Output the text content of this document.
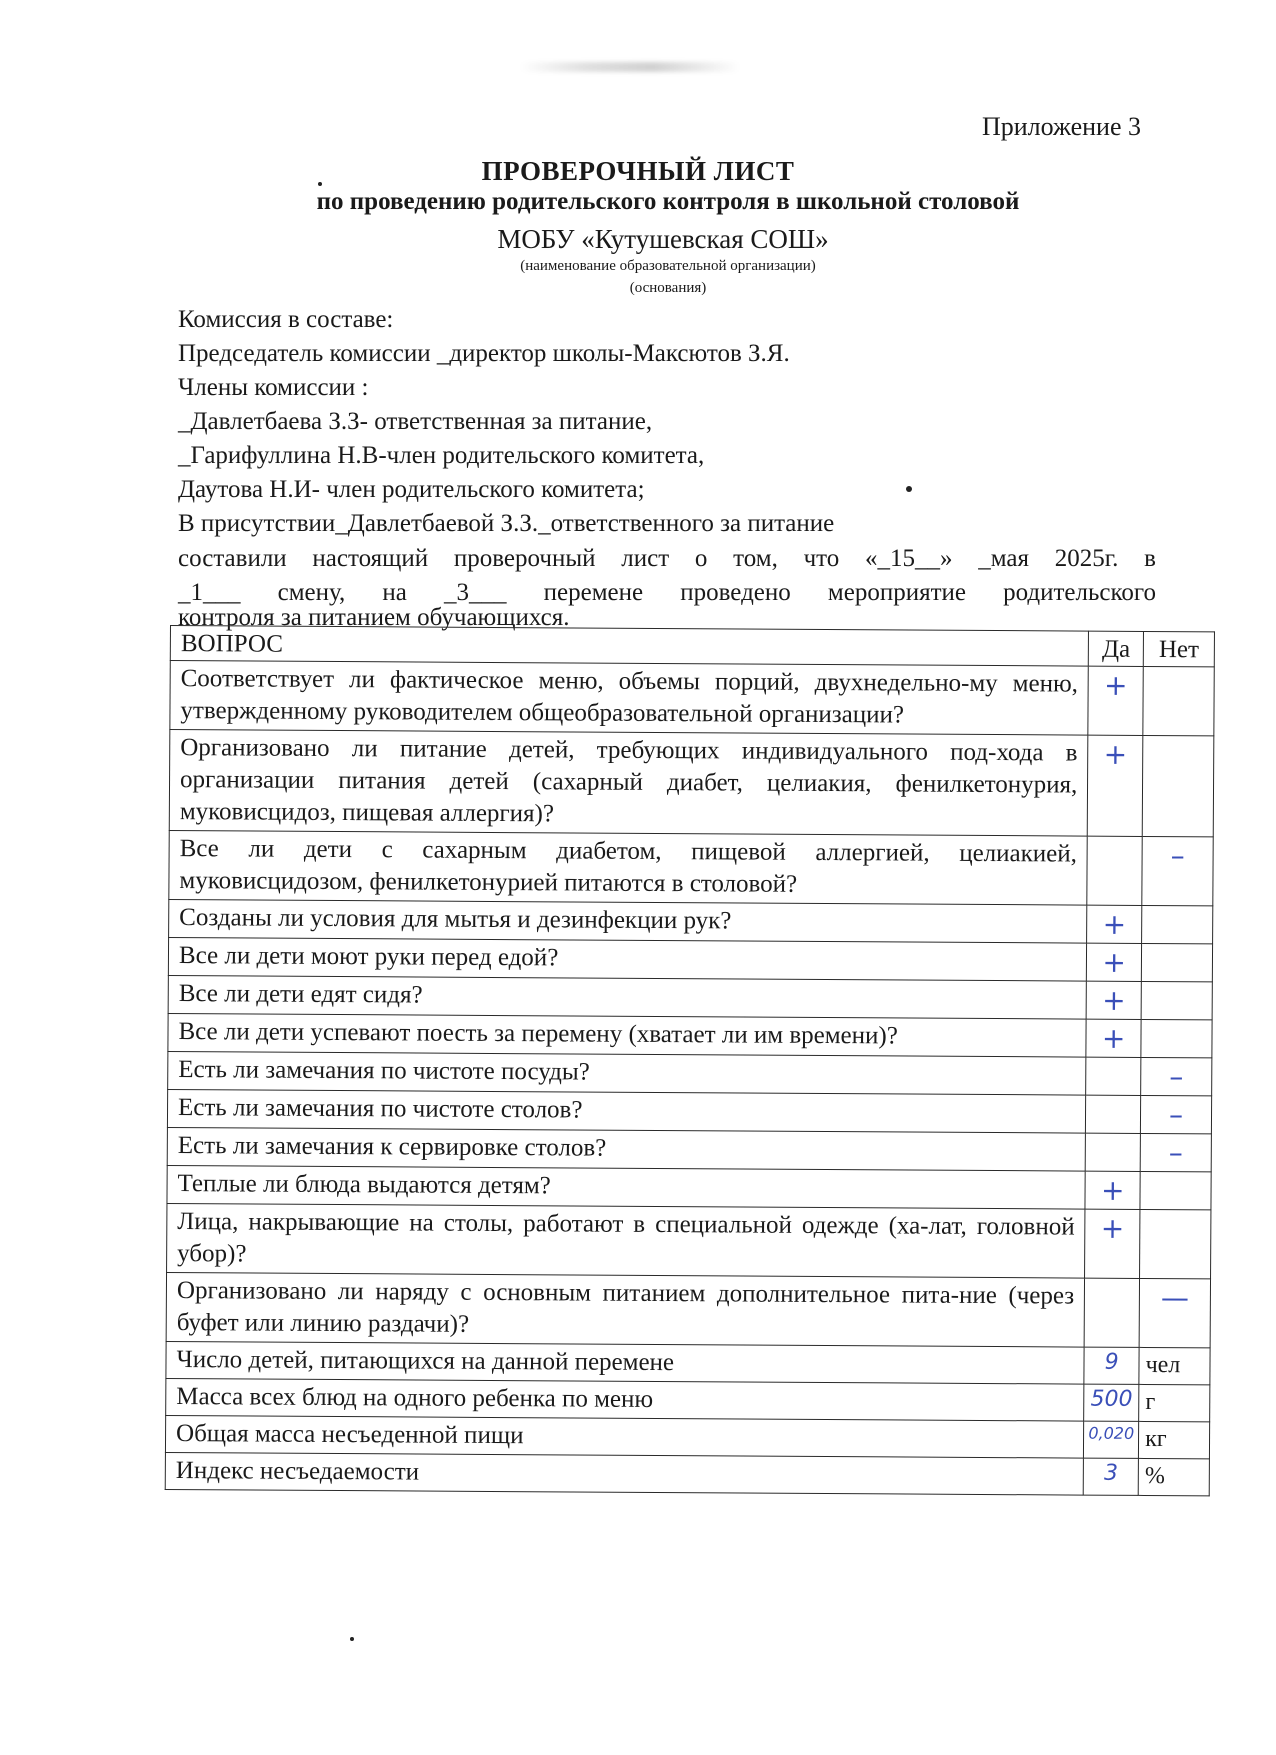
Приложение 3
ПРОВЕРОЧНЫЙ ЛИСТ
по проведению родительского контроля в школьной столовой
МОБУ «Кутушевская СОШ»
(наименование образовательной организации)
(основания)
Комиссия в составе:
Председатель комиссии _директор школы-Максютов З.Я.
Члены комиссии :
_Давлетбаева З.З- ответственная за питание,
_Гарифуллина Н.В-член родительского комитета,
Даутова Н.И- член родительского комитета;
В присутствии_Давлетбаевой З.З._ответственного за питание
составили настоящий проверочный лист о том, что «_15__» _мая 2025г. в
_1___ смену, на _3___ перемене проведено мероприятие родительского
контроля за питанием обучающихся.
ВОПРОС	Да	Нет
Соответствует ли фактическое меню, объемы порций, двухнедельно-му меню, утвержденному руководителем общеобразовательной организации?	+	
Организовано ли питание детей, требующих индивидуального под-хода в организации питания детей (сахарный диабет, целиакия, фенилкетонурия, муковисцидоз, пищевая аллергия)?	+	
Все ли дети с сахарным диабетом, пищевой аллергией, целиакией, муковисцидозом, фенилкетонурией питаются в столовой?		–
Созданы ли условия для мытья и дезинфекции рук?	+	
Все ли дети моют руки перед едой?	+	
Все ли дети едят сидя?	+	
Все ли дети успевают поесть за перемену (хватает ли им времени)?	+	
Есть ли замечания по чистоте посуды?		–
Есть ли замечания по чистоте столов?		–
Есть ли замечания к сервировке столов?		–
Теплые ли блюда выдаются детям?	+	
Лица, накрывающие на столы, работают в специальной одежде (ха-лат, головной убор)?	+	
Организовано ли наряду с основным питанием дополнительное пита-ние (через буфет или линию раздачи)?		—
Число детей, питающихся на данной перемене	9	чел
Масса всех блюд на одного ребенка по меню	500	г
Общая масса несъеденной пищи	0,020	кг
Индекс несъедаемости	3	%
